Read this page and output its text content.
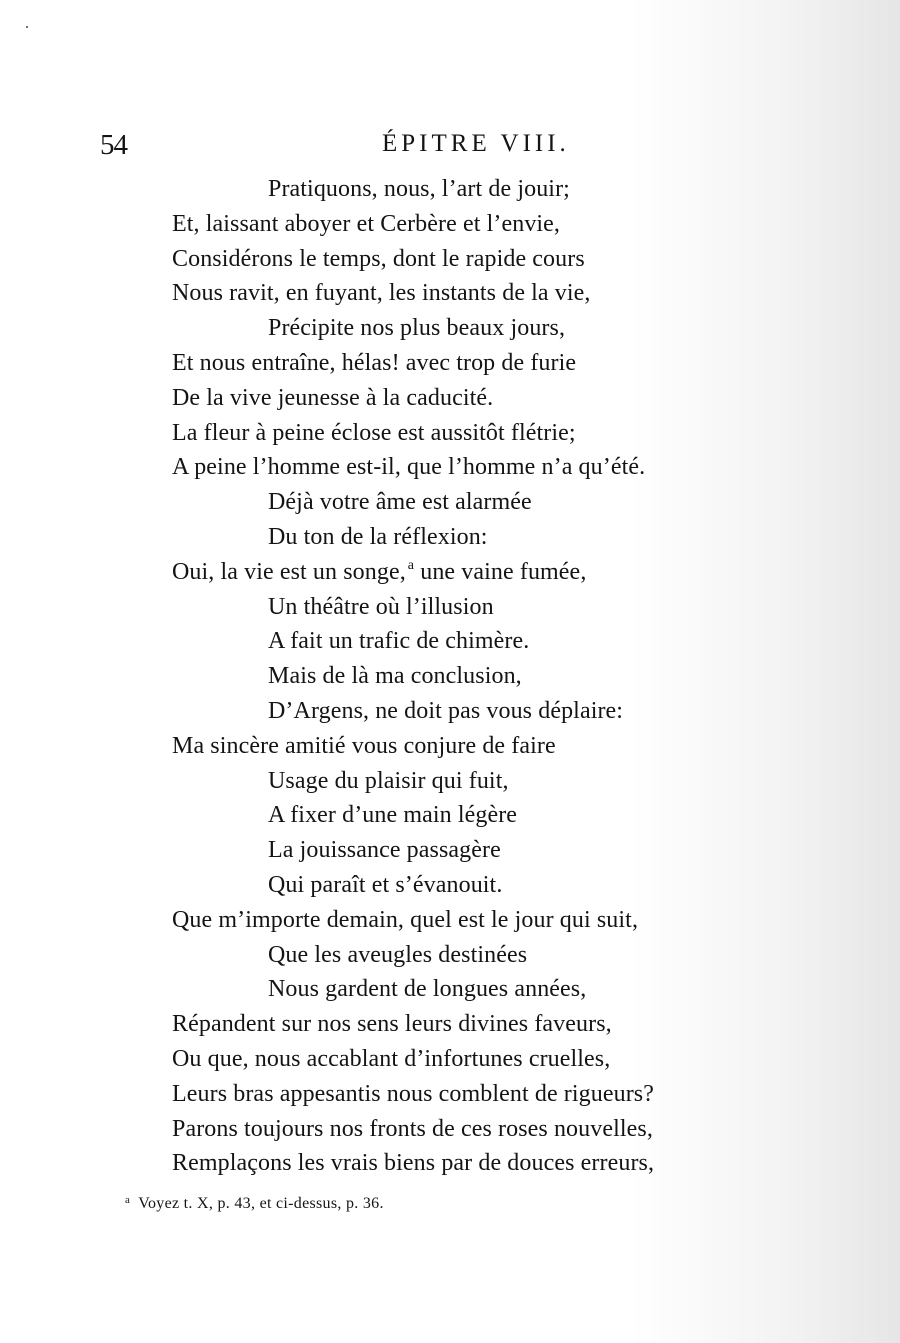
54	ÉPITRE VIII.
Pratiquons, nous, l’art de jouir;
Et, laissant aboyer et Cerbère et l’envie,
Considérons le temps, dont le rapide cours
Nous ravit, en fuyant, les instants de la vie,
Précipite nos plus beaux jours,
Et nous entraîne, hélas! avec trop de furie
De la vive jeunesse à la caducité.
La fleur à peine éclose est aussitôt flétrie;
A peine l’homme est-il, que l’homme n’a qu’été.
Déjà votre âme est alarmée
Du ton de la réflexion:
Oui, la vie est un songe, $^a$ une vaine fumée,
Un théâtre où l’illusion
A fait un trafic de chimère.
Mais de là ma conclusion,
D’Argens, ne doit pas vous déplaire:
Ma sincère amitié vous conjure de faire
Usage du plaisir qui fuit,
A fixer d’une main légère
La jouissance passagère
Qui paraît et s’évanouit.
Que m’importe demain, quel est le jour qui suit,
Que les aveugles destinées
Nous gardent de longues années,
Répandent sur nos sens leurs divines faveurs,
Ou que, nous accablant d’infortunes cruelles,
Leurs bras appesantis nous comblent de rigueurs?
Parons toujours nos fronts de ces roses nouvelles,
Remplaçons les vrais biens par de douces erreurs,
$^a$ Voyez t. X, p. 43, et ci-dessus, p. 36.
